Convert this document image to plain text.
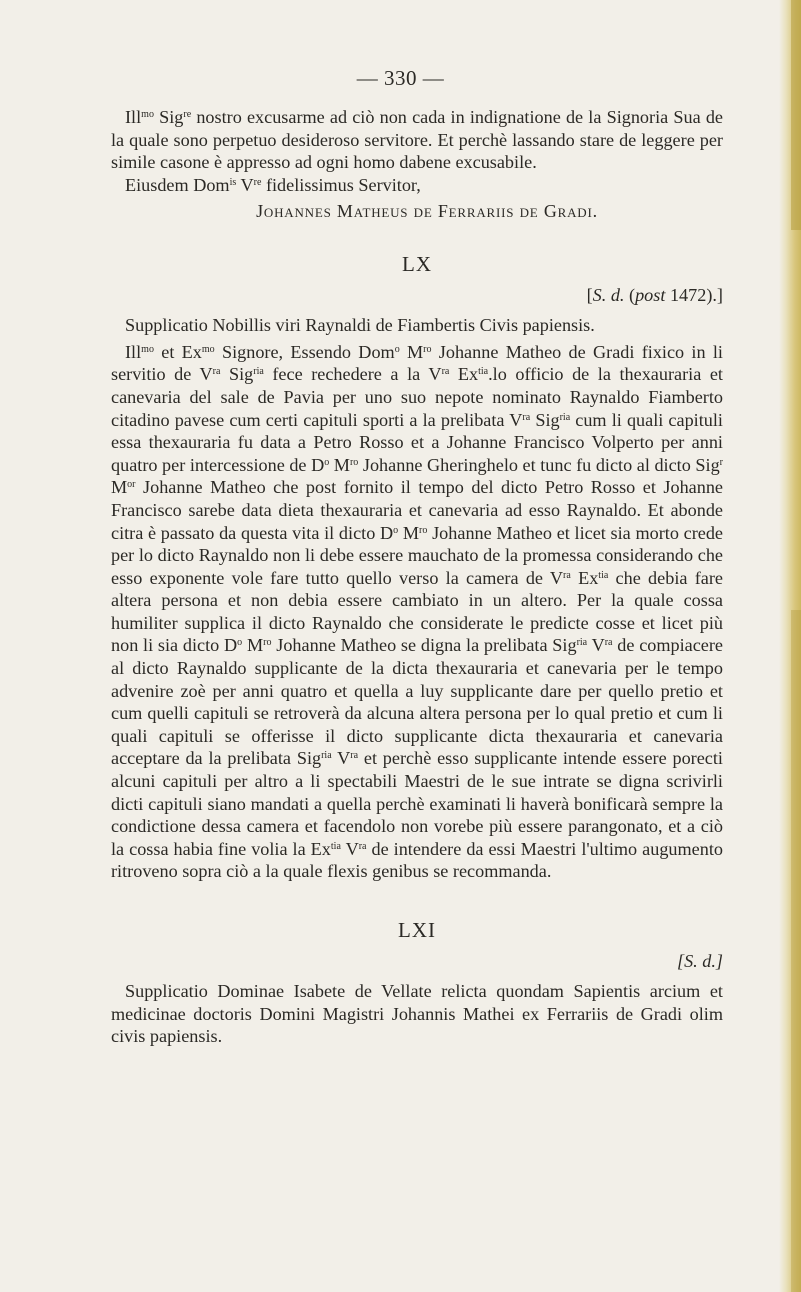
— 330 —

Ill$^{mo}$ Sig$^{re}$ nostro excusarme ad ciò non cada in indignatione de la Signoria Sua de la quale sono perpetuo desideroso servitore. Et perchè lassando stare de leggere per simile casone è appresso ad ogni homo dabene excusabile.

Eiusdem Dom$^{is}$ Vre fidelissimus Servitor,

Johannes Matheus de Ferrariis de Gradi.

LX

[S. d. (post 1472).]

Supplicatio Nobillis viri Raynaldi de Fiambertis Civis papiensis.

Ill$^{mo}$ et $Ex^{mo}$ Signore, Essendo Dom$^o$ $M^{ro}$ Johanne Matheo de Gradi fixico in li servitio de $V^{ra}$ Sig$^{ria}$ fece rechedere a la $V^{ra}$ $Ex^{tia}.lo$ officio de la thexauraria et canevaria del sale de Pavia per uno suo nepote nominato Raynaldo Fiamberto citadino pavese cum certi capituli sporti a la prelibata $V^{ra}$ Sig$^{ria}$ cum li quali capituli essa thexauraria fu data a Petro Rosso et a Johanne Francisco Volperto per anni quatro per intercessione de $D^o$ $M^{ro}$ Johanne Gheringhelo et tunc fu dicto al dicto Sig$^r$ $M^{or}$ Johanne Matheo che post fornito il tempo del dicto Petro Rosso et Johanne Francisco sarebe data dieta thexauraria et canevaria ad esso Raynaldo. Et abonde citra è passato da questa vita il dicto $D^o$ $M^{ro}$ Johanne Matheo et licet sia morto crede per lo dicto Raynaldo non li debe essere mauchato de la promessa considerando che esso exponente vole fare tutto quello verso la camera de $V^{ra}$ $Ex^{tia}$ che debia fare altera persona et non debia essere cambiato in un altero. Per la quale cossa humiliter supplica il dicto Raynaldo che considerate le predicte cosse et licet più non li sia dicto $D^o$ $M^{ro}$ Johanne Matheo se digna la prelibata Sig$^{ria}$ $V^{ra}$ de compiacere al dicto Raynaldo supplicante de la dicta thexauraria et canevaria per le tempo advenire zoè per anni quatro et quella a luy supplicante dare per quello pretio et cum quelli capituli se retroverà da alcuna altera persona per lo qual pretio et cum li quali capituli se offerisse il dicto supplicante dicta thexauraria et canevaria acceptare da la prelibata Sig$^{ria}$ $V^{ra}$ et perchè esso supplicante intende essere porecti alcuni capituli per altro a li spectabili Maestri de le sue intrate se digna scrivirli dicti capituli siano mandati a quella perchè examinati li haverà bonificarà sempre la condictione dessa camera et facendolo non vorebe più essere parangonato, et a ciò la cossa habia fine volia la $Ex^{tia}$ $V^{ra}$ de intendere da essi Maestri l'ultimo augumento ritroveno sopra ciò a la quale flexis genibus se recommanda.

LXI

[S. d.]

Supplicatio Dominae Isabete de Vellate relicta quondam Sapientis arcium et medicinae doctoris Domini Magistri Johannis Mathei ex Ferrariis de Gradi olim civis papiensis.
